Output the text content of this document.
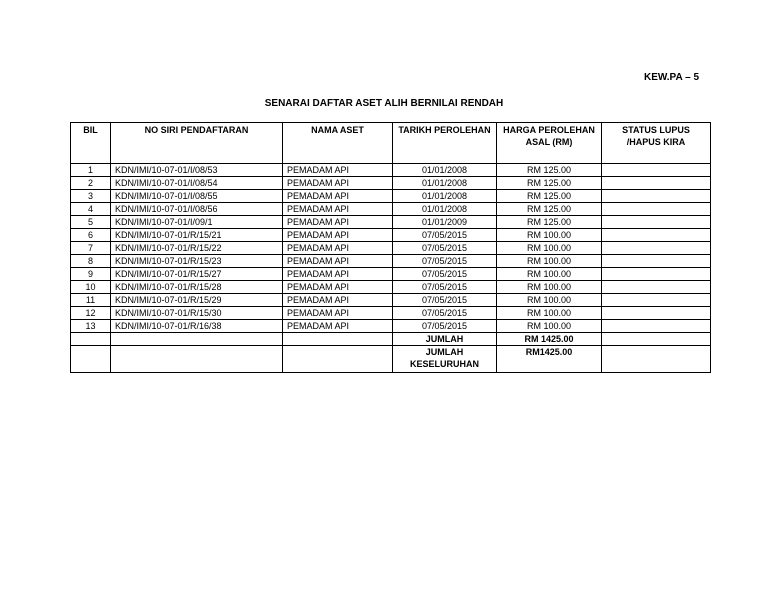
KEW.PA – 5
SENARAI DAFTAR ASET ALIH BERNILAI RENDAH
BIL	NO SIRI PENDAFTARAN	NAMA ASET	TARIKH PEROLEHAN	HARGA PEROLEHAN ASAL (RM)	STATUS LUPUS /HAPUS KIRA
1	KDN/IMI/10-07-01/I/08/53	PEMADAM API	01/01/2008	RM 125.00	
2	KDN/IMI/10-07-01/I/08/54	PEMADAM API	01/01/2008	RM 125.00	
3	KDN/IMI/10-07-01/I/08/55	PEMADAM API	01/01/2008	RM 125.00	
4	KDN/IMI/10-07-01/I/08/56	PEMADAM API	01/01/2008	RM 125.00	
5	KDN/IMI/10-07-01/I/09/1	PEMADAM API	01/01/2009	RM 125.00	
6	KDN/IMI/10-07-01/R/15/21	PEMADAM API	07/05/2015	RM 100.00	
7	KDN/IMI/10-07-01/R/15/22	PEMADAM API	07/05/2015	RM 100.00	
8	KDN/IMI/10-07-01/R/15/23	PEMADAM API	07/05/2015	RM 100.00	
9	KDN/IMI/10-07-01/R/15/27	PEMADAM API	07/05/2015	RM 100.00	
10	KDN/IMI/10-07-01/R/15/28	PEMADAM API	07/05/2015	RM 100.00	
11	KDN/IMI/10-07-01/R/15/29	PEMADAM API	07/05/2015	RM 100.00	
12	KDN/IMI/10-07-01/R/15/30	PEMADAM API	07/05/2015	RM 100.00	
13	KDN/IMI/10-07-01/R/16/38	PEMADAM API	07/05/2015	RM 100.00	
			JUMLAH	RM 1425.00	
			JUMLAH KESELURUHAN	RM1425.00	
